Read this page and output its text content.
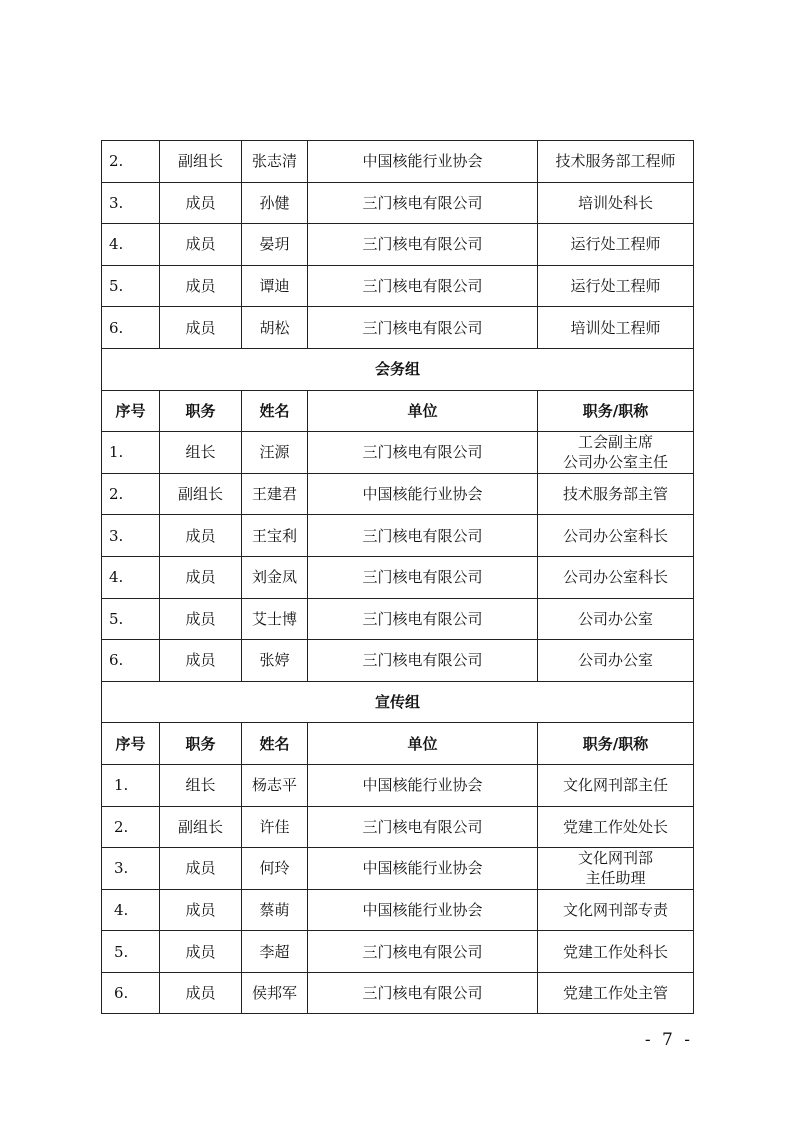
2.	副组长	张志清	中国核能行业协会	技术服务部工程师
3.	成员	孙健	三门核电有限公司	培训处科长
4.	成员	晏玥	三门核电有限公司	运行处工程师
5.	成员	谭迪	三门核电有限公司	运行处工程师
6.	成员	胡松	三门核电有限公司	培训处工程师
会务组				
序号	职务	姓名	单位	职务/职称
1.	组长	汪源	三门核电有限公司	工会副主席
公司办公室主任

2.	副组长	王建君	中国核能行业协会	技术服务部主管

3.	成员	王宝利	三门核电有限公司	公司办公室科长

4.	成员	刘金凤	三门核电有限公司	公司办公室科长

5.	成员	艾士博	三门核电有限公司	公司办公室

6.	成员	张婷	三门核电有限公司	公司办公室

宣传组				
序号	职务	姓名	单位	职务/职称
1.	组长	杨志平	中国核能行业协会	文化网刊部主任

2.	副组长	许佳	三门核电有限公司	党建工作处处长

3.	成员	何玲	中国核能行业协会	文化网刊部
主任助理

4.	成员	蔡萌	中国核能行业协会	文化网刊部专责

5.	成员	李超	三门核电有限公司	党建工作处科长

6.	成员	侯邦军	三门核电有限公司	党建工作处主管
- 7 -
